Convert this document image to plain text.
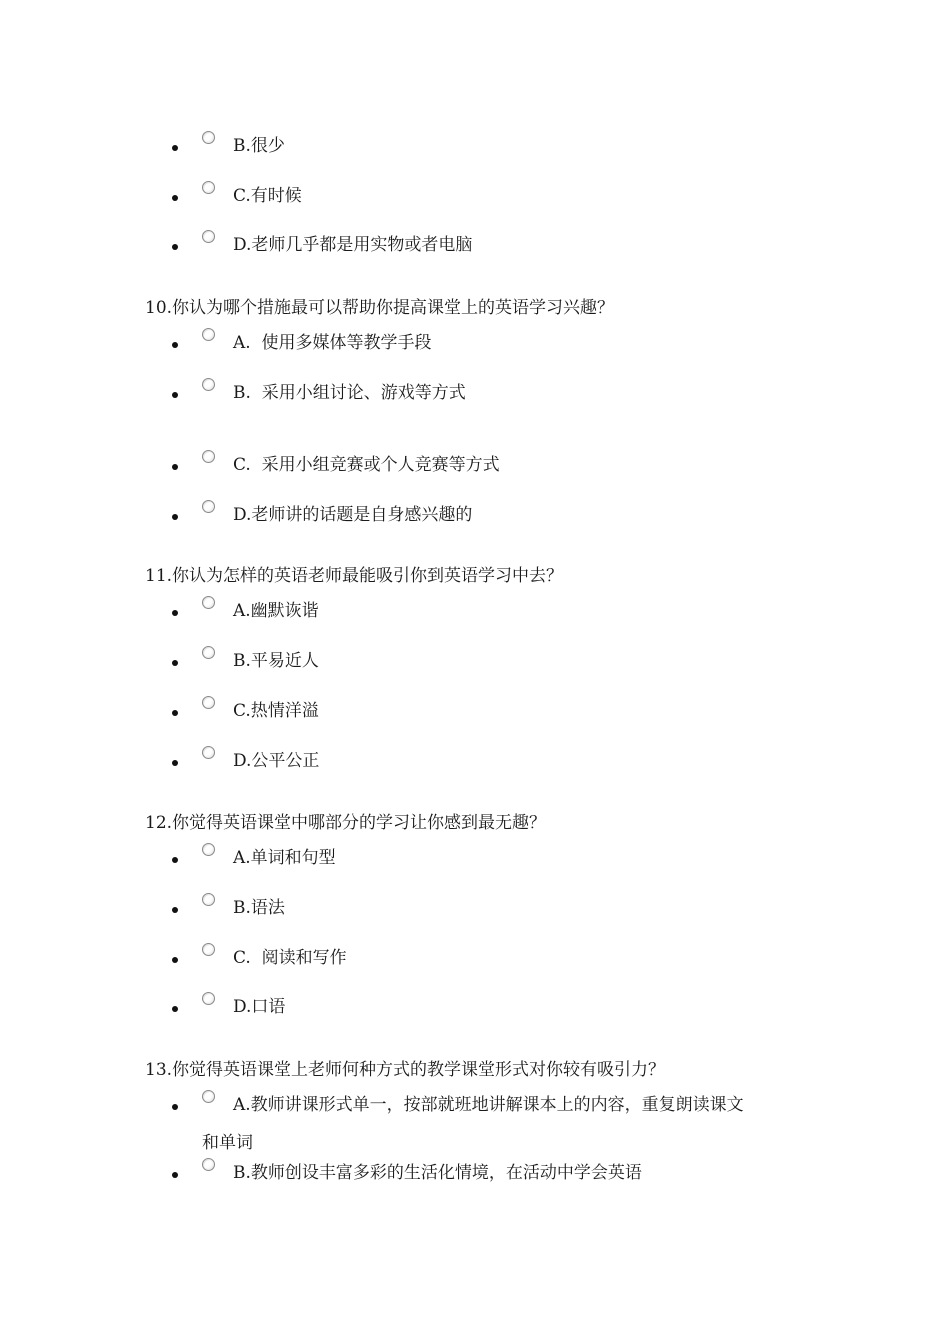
B.很少
C.有时候
D.老师几乎都是用实物或者电脑
10.你认为哪个措施最可以帮助你提高课堂上的英语学习兴趣？
A.  使用多媒体等教学手段
B.  采用小组讨论、游戏等方式
C.  采用小组竞赛或个人竞赛等方式
D.老师讲的话题是自身感兴趣的
11.你认为怎样的英语老师最能吸引你到英语学习中去？
A.幽默诙谐
B.平易近人
C.热情洋溢
D.公平公正
12.你觉得英语课堂中哪部分的学习让你感到最无趣？
A.单词和句型
B.语法
C.  阅读和写作
D.口语
13.你觉得英语课堂上老师何种方式的教学课堂形式对你较有吸引力？
A.教师讲课形式单一，按部就班地讲解课本上的内容，重复朗读课文
和单词
B.教师创设丰富多彩的生活化情境，在活动中学会英语
